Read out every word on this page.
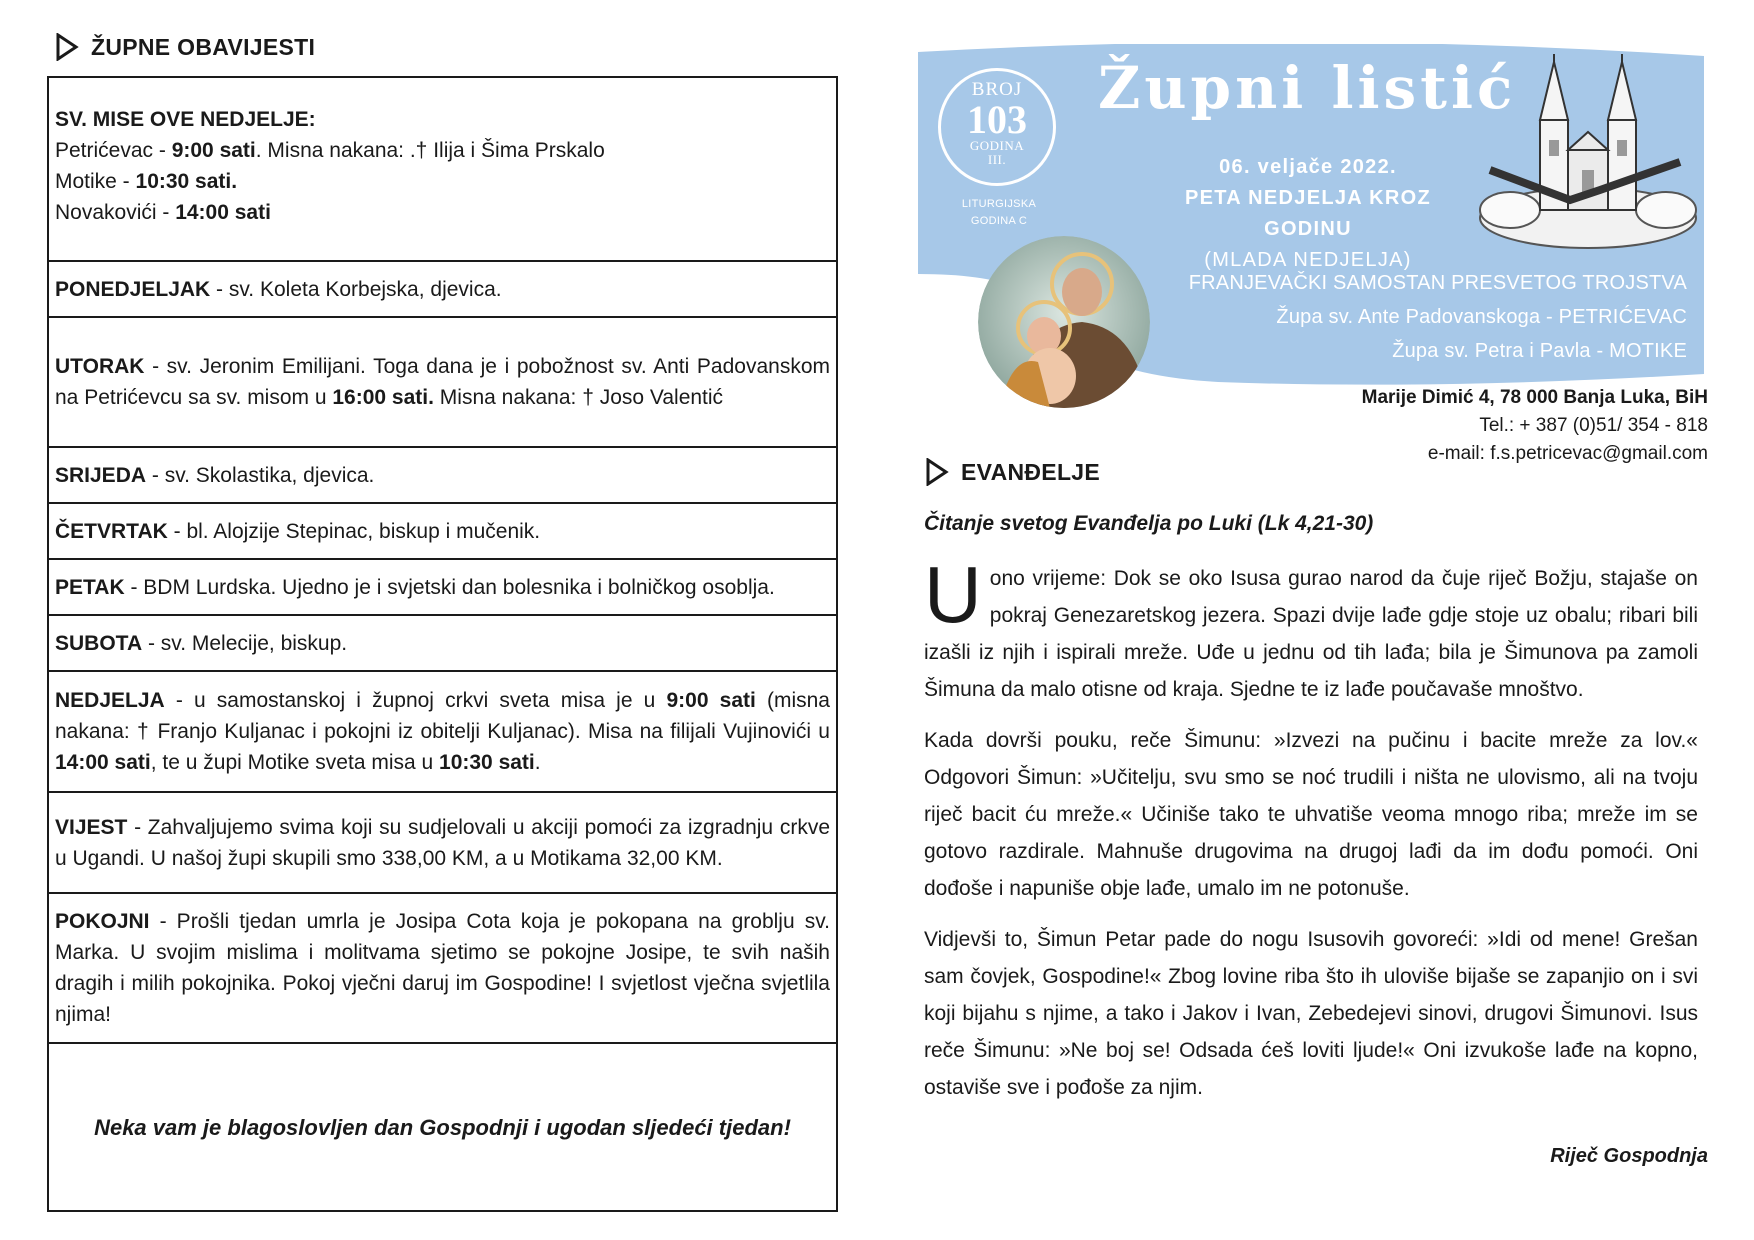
ŽUPNE OBAVIJESTI
SV. MISE OVE NEDJELJE:
Petrićevac - 9:00 sati. Misna nakana: .† Ilija i Šima Prskalo
Motike - 10:30 sati.
Novakovići - 14:00 sati
PONEDJELJAK - sv. Koleta Korbejska, djevica.
UTORAK - sv. Jeronim Emilijani. Toga dana je i pobožnost sv. Anti Padovanskom na Petrićevcu sa sv. misom u 16:00 sati. Misna nakana: † Joso Valentić
SRIJEDA - sv. Skolastika, djevica.
ČETVRTAK - bl. Alojzije Stepinac, biskup i mučenik.
PETAK - BDM Lurdska. Ujedno je i svjetski dan bolesnika i bolničkog osoblja.
SUBOTA - sv. Melecije, biskup.
NEDJELJA - u samostanskoj i župnoj crkvi sveta misa je u 9:00 sati (misna nakana: † Franjo Kuljanac i pokojni iz obitelji Kuljanac). Misa na filijali Vujinovići u 14:00 sati, te u župi Motike sveta misa u 10:30 sati.
VIJEST - Zahvaljujemo svima koji su sudjelovali u akciji pomoći za izgradnju crkve u Ugandi. U našoj župi skupili smo 338,00 KM, a u Motikama 32,00 KM.
POKOJNI - Prošli tjedan umrla je Josipa Cota koja je pokopana na groblju sv. Marka. U svojim mislima i molitvama sjetimo se pokojne Josipe, te svih naših dragih i milih pokojnika. Pokoj vječni daruj im Gospodine! I svjetlost vječna svjetlila njima!
Neka vam je blagoslovljen dan Gospodnji i ugodan sljedeći tjedan!
BROJ
103
GODINA
III.
LITURGIJSKA
GODINA C
Župni listić
06. veljače 2022.
PETA NEDJELJA KROZ GODINU
(MLADA NEDJELJA)
FRANJEVAČKI SAMOSTAN PRESVETOG TROJSTVA
Župa sv. Ante Padovanskoga - PETRIĆEVAC
Župa sv. Petra i Pavla - MOTIKE
Marije Dimić 4, 78 000 Banja Luka, BiH
Tel.: + 387 (0)51/ 354 - 818
e-mail: f.s.petricevac@gmail.com
EVANĐELJE
Čitanje svetog Evanđelja po Luki (Lk 4,21-30)

Uono vrijeme: Dok se oko Isusa gurao narod da čuje riječ Božju, stajaše on pokraj Genezaretskog jezera. Spazi dvije lađe gdje stoje uz obalu; ribari bili izašli iz njih i ispirali mreže. Uđe u jednu od tih lađa; bila je Šimunova pa zamoli Šimuna da malo otisne od kraja. Sjedne te iz lađe poučavaše mnoštvo.

Kada dovrši pouku, reče Šimunu: »Izvezi na pučinu i bacite mreže za lov.« Odgovori Šimun: »Učitelju, svu smo se noć trudili i ništa ne ulovismo, ali na tvoju riječ bacit ću mreže.« Učiniše tako te uhvatiše veoma mnogo riba; mreže im se gotovo razdirale. Mahnuše drugovima na drugoj lađi da im dođu pomoći. Oni dođoše i napuniše obje lađe, umalo im ne potonuše.

Vidjevši to, Šimun Petar pade do nogu Isusovih govoreći: »Idi od mene! Grešan sam čovjek, Gospodine!« Zbog lovine riba što ih uloviše bijaše se zapanjio on i svi koji bijahu s njime, a tako i Jakov i Ivan, Zebedejevi sinovi, drugovi Šimunovi. Isus reče Šimunu: »Ne boj se! Odsada ćeš loviti ljude!« Oni izvukoše lađe na kopno, ostaviše sve i pođoše za njim.

Riječ Gospodnja
